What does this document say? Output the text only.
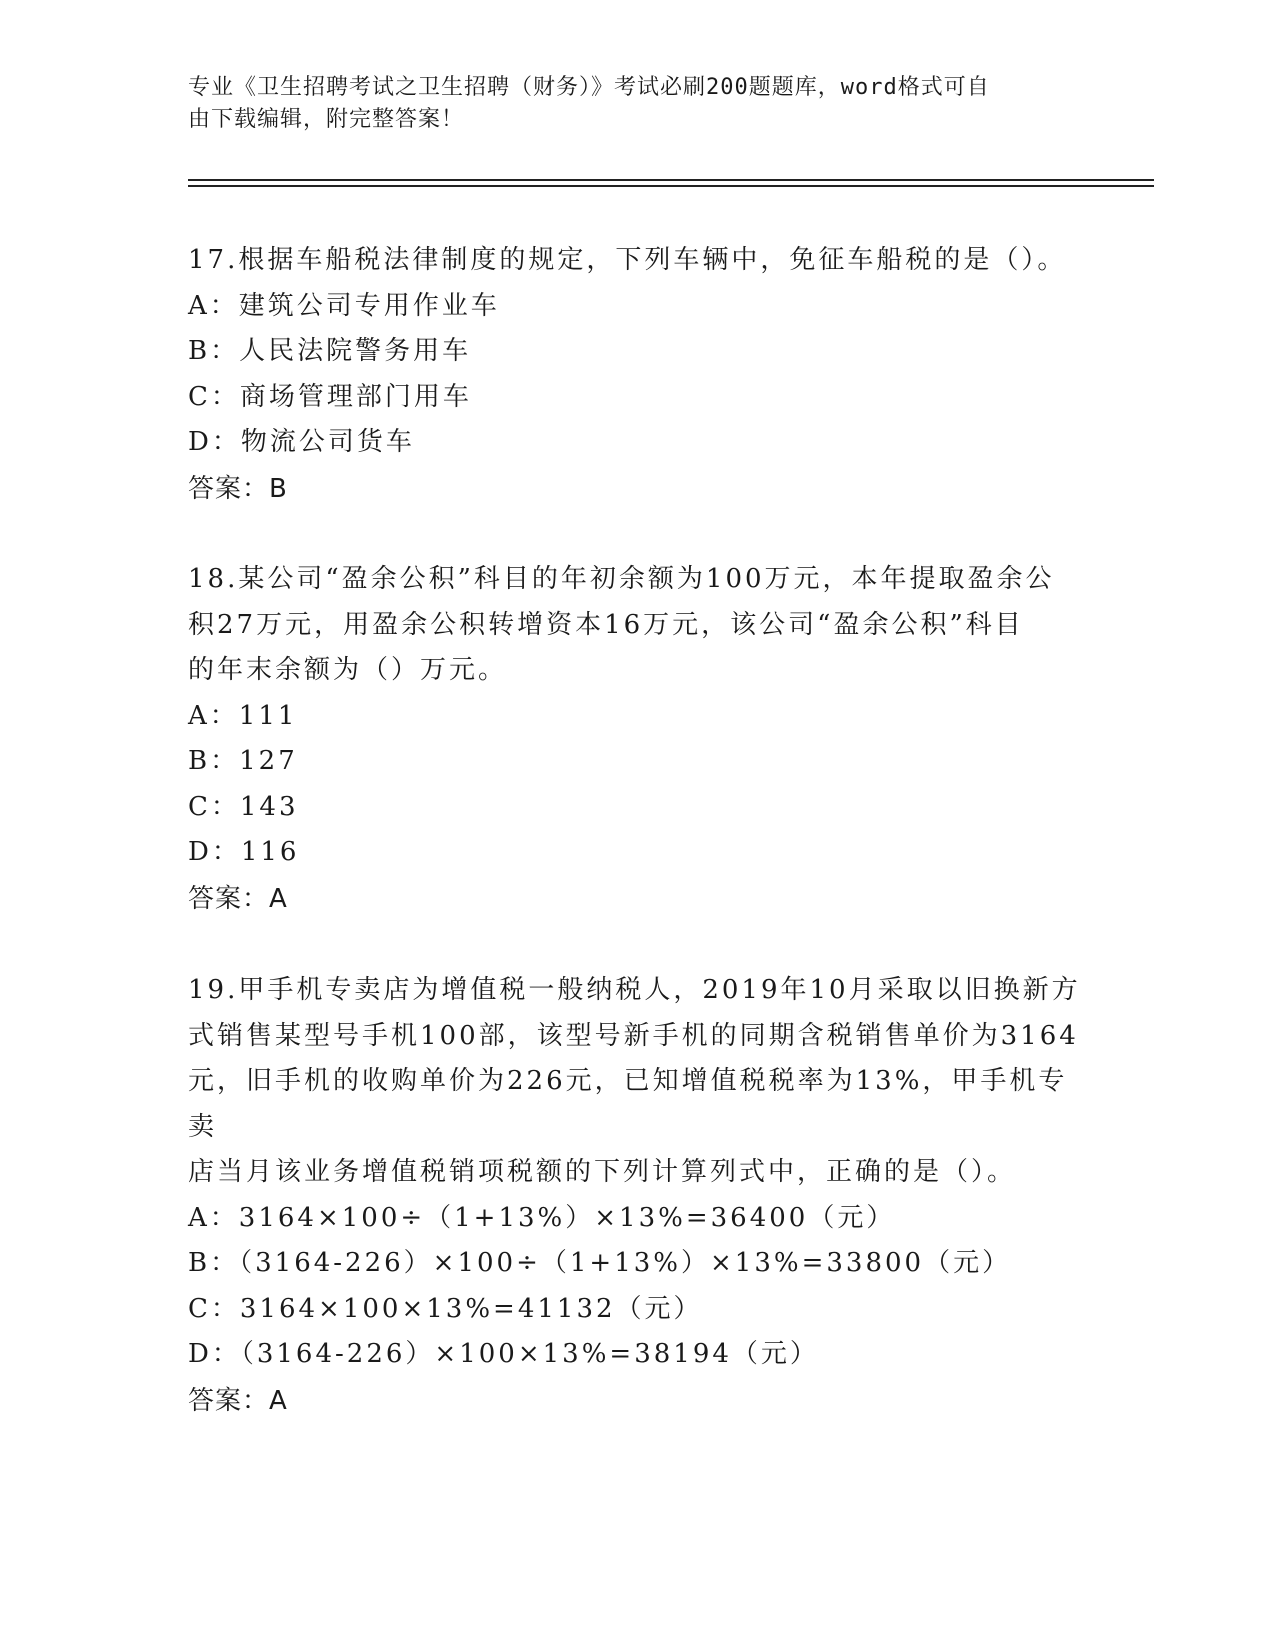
专业《卫生招聘考试之卫生招聘（财务）》考试必刷200题题库，word格式可自
由下载编辑，附完整答案！
17.根据车船税法律制度的规定，下列车辆中，免征车船税的是（）。
A：建筑公司专用作业车
B：人民法院警务用车
C：商场管理部门用车
D：物流公司货车
答案：B
18.某公司“盈余公积”科目的年初余额为100万元，本年提取盈余公
积27万元，用盈余公积转增资本16万元，该公司“盈余公积”科目
的年末余额为（）万元。
A：111
B：127
C：143
D：116
答案：A
19.甲手机专卖店为增值税一般纳税人，2019年10月采取以旧换新方
式销售某型号手机100部，该型号新手机的同期含税销售单价为3164
元，旧手机的收购单价为226元，已知增值税税率为13%，甲手机专卖
店当月该业务增值税销项税额的下列计算列式中，正确的是（）。
A：3164×100÷（1+13%）×13%=36400（元）
B：（3164-226）×100÷（1+13%）×13%=33800（元）
C：3164×100×13%=41132（元）
D：（3164-226）×100×13%=38194（元）
答案：A
